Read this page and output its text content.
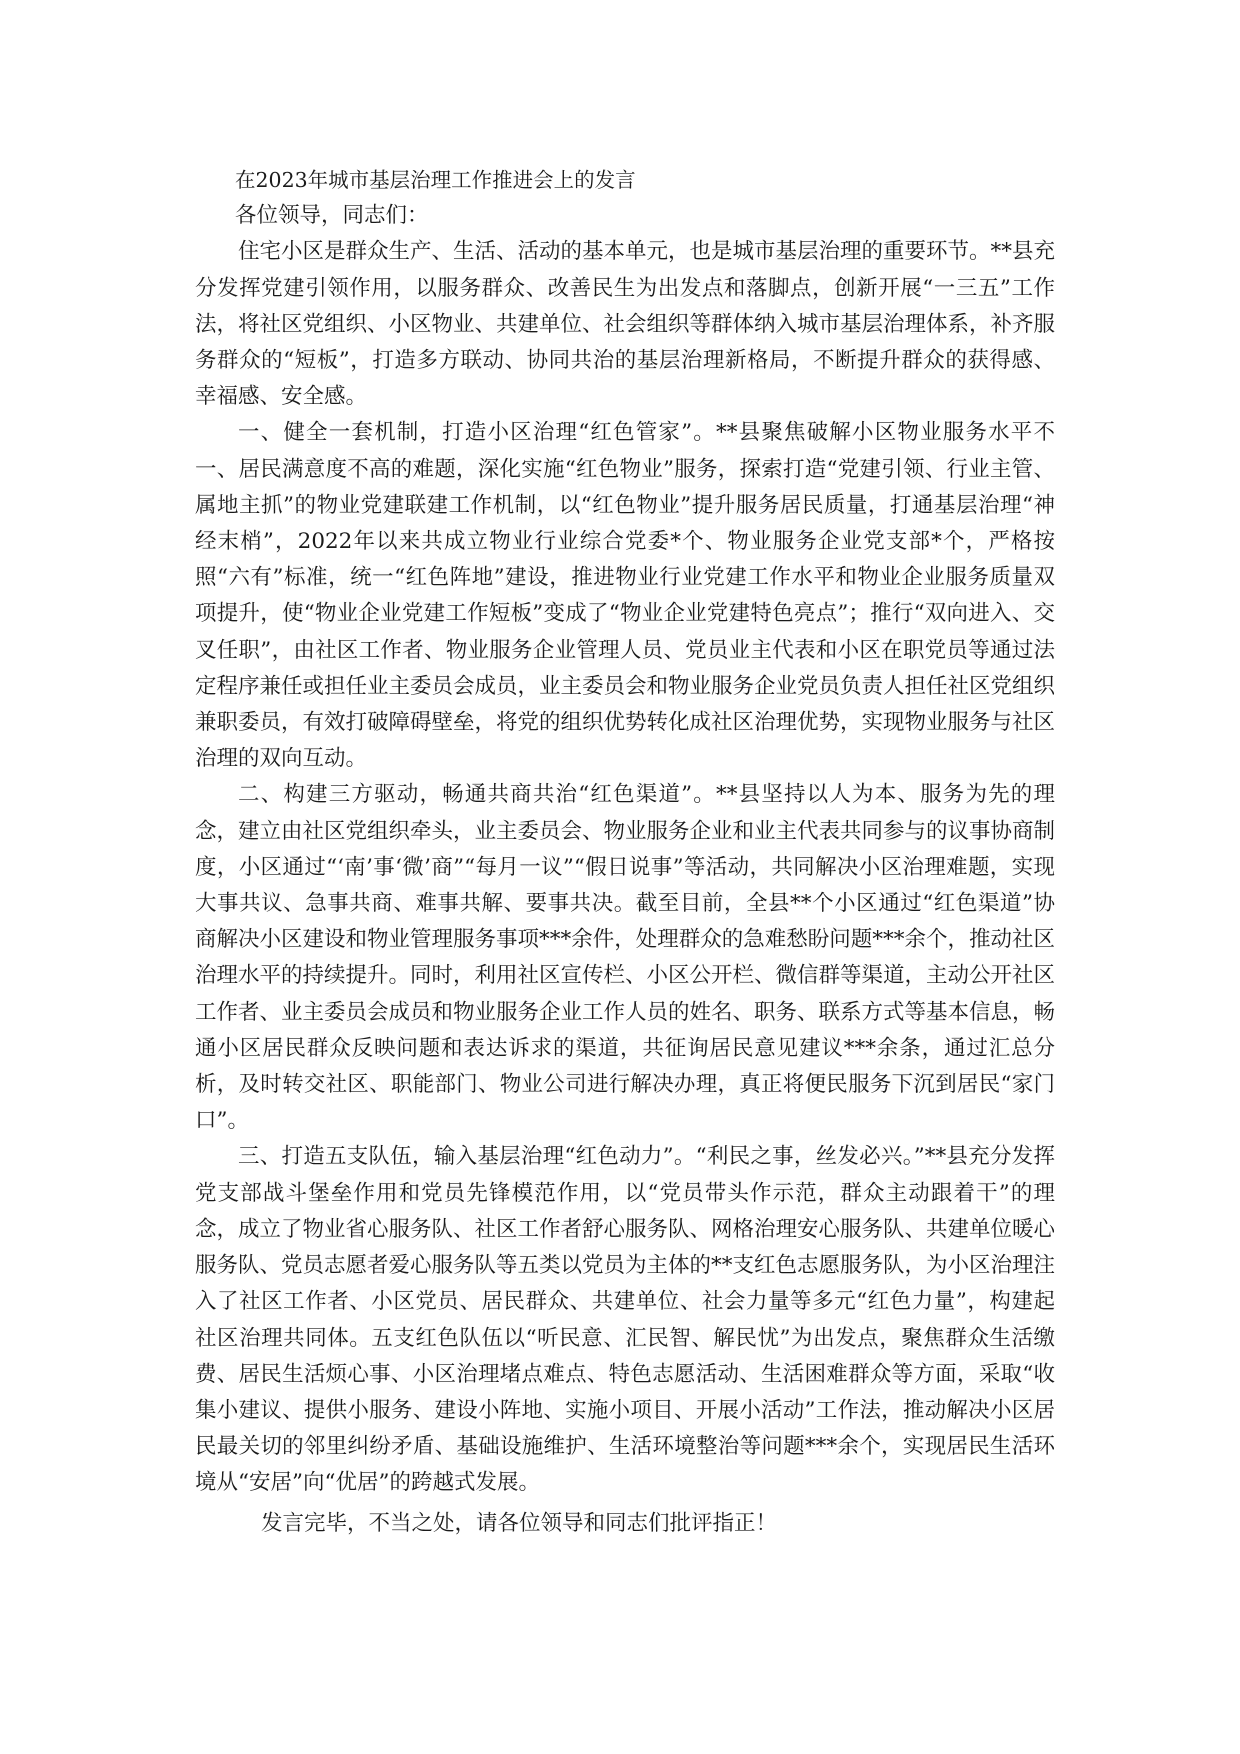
在2023年城市基层治理工作推进会上的发言

各位领导，同志们：

住宅小区是群众生产、生活、活动的基本单元，也是城市基层治理的重要环节。**县充分发挥党建引领作用，以服务群众、改善民生为出发点和落脚点，创新开展“一三五”工作法，将社区党组织、小区物业、共建单位、社会组织等群体纳入城市基层治理体系，补齐服务群众的“短板”，打造多方联动、协同共治的基层治理新格局，不断提升群众的获得感、幸福感、安全感。

一、健全一套机制，打造小区治理“红色管家”。**县聚焦破解小区物业服务水平不一、居民满意度不高的难题，深化实施“红色物业”服务，探索打造“党建引领、行业主管、属地主抓”的物业党建联建工作机制，以“红色物业”提升服务居民质量，打通基层治理“神经末梢”，2022年以来共成立物业行业综合党委*个、物业服务企业党支部*个，严格按照“六有”标准，统一“红色阵地”建设，推进物业行业党建工作水平和物业企业服务质量双项提升，使“物业企业党建工作短板”变成了“物业企业党建特色亮点”；推行“双向进入、交叉任职”，由社区工作者、物业服务企业管理人员、党员业主代表和小区在职党员等通过法定程序兼任或担任业主委员会成员，业主委员会和物业服务企业党员负责人担任社区党组织兼职委员，有效打破障碍壁垒，将党的组织优势转化成社区治理优势，实现物业服务与社区治理的双向互动。

二、构建三方驱动，畅通共商共治“红色渠道”。**县坚持以人为本、服务为先的理念，建立由社区党组织牵头，业主委员会、物业服务企业和业主代表共同参与的议事协商制度，小区通过“‘南’事‘微’商”“每月一议”“假日说事”等活动，共同解决小区治理难题，实现大事共议、急事共商、难事共解、要事共决。截至目前，全县**个小区通过“红色渠道”协商解决小区建设和物业管理服务事项***余件，处理群众的急难愁盼问题***余个，推动社区治理水平的持续提升。同时，利用社区宣传栏、小区公开栏、微信群等渠道，主动公开社区工作者、业主委员会成员和物业服务企业工作人员的姓名、职务、联系方式等基本信息，畅通小区居民群众反映问题和表达诉求的渠道，共征询居民意见建议***余条，通过汇总分析，及时转交社区、职能部门、物业公司进行解决办理，真正将便民服务下沉到居民“家门口”。

三、打造五支队伍，输入基层治理“红色动力”。“利民之事，丝发必兴。”**县充分发挥党支部战斗堡垒作用和党员先锋模范作用，以“党员带头作示范，群众主动跟着干”的理念，成立了物业省心服务队、社区工作者舒心服务队、网格治理安心服务队、共建单位暖心服务队、党员志愿者爱心服务队等五类以党员为主体的**支红色志愿服务队，为小区治理注入了社区工作者、小区党员、居民群众、共建单位、社会力量等多元“红色力量”，构建起社区治理共同体。五支红色队伍以“听民意、汇民智、解民忧”为出发点，聚焦群众生活缴费、居民生活烦心事、小区治理堵点难点、特色志愿活动、生活困难群众等方面，采取“收集小建议、提供小服务、建设小阵地、实施小项目、开展小活动”工作法，推动解决小区居民最关切的邻里纠纷矛盾、基础设施维护、生活环境整治等问题***余个，实现居民生活环境从“安居”向“优居”的跨越式发展。

发言完毕，不当之处，请各位领导和同志们批评指正！
